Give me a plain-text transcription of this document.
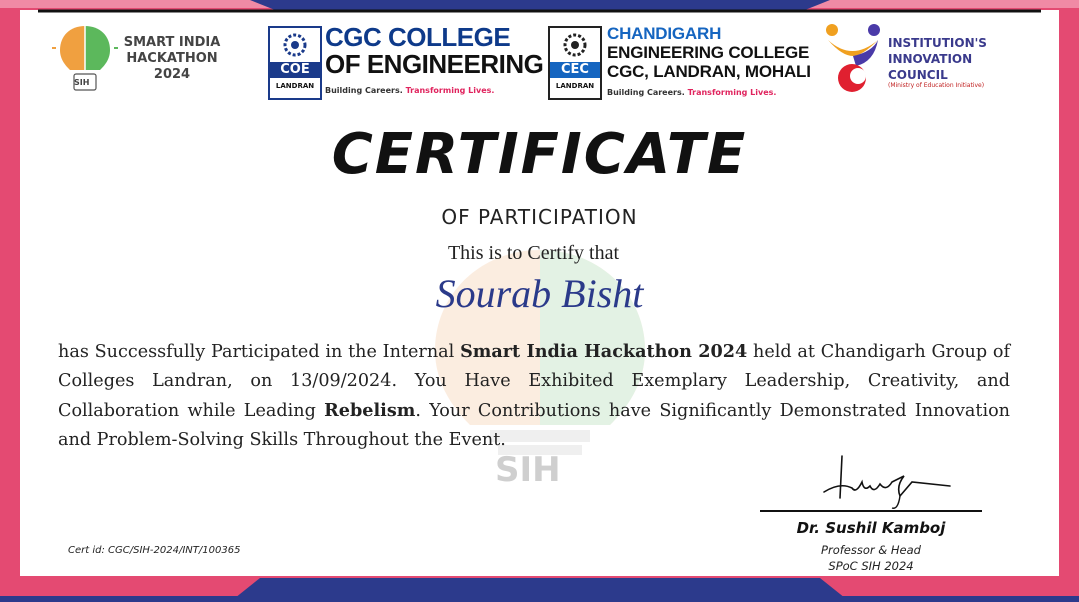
SIH
SIH
SMART INDIA
HACKATHON
2024	COE
LANDRAN
CGC COLLEGE
OF ENGINEERING
Building Careers. Transforming Lives.
CEC
LANDRAN
CHANDIGARH
ENGINEERING COLLEGE
CGC, LANDRAN, MOHALI
Building Careers. Transforming Lives.
INSTITUTION'S
INNOVATION
COUNCIL
(Ministry of Education Initiative)
CERTIFICATE
OF PARTICIPATION
This is to Certify that
Sourab Bisht
has Successfully Participated in the Internal Smart India Hackathon 2024 held at Chandigarh Group of Colleges Landran, on 13/09/2024. You Have Exhibited Exemplary Leadership, Creativity, and Collaboration while Leading Rebelism. Your Contributions have Significantly Demonstrated Innovation and Problem-Solving Skills Throughout the Event.
Cert id: CGC/SIH-2024/INT/100365
Dr. Sushil Kamboj
Professor & Head
SPoC SIH 2024
